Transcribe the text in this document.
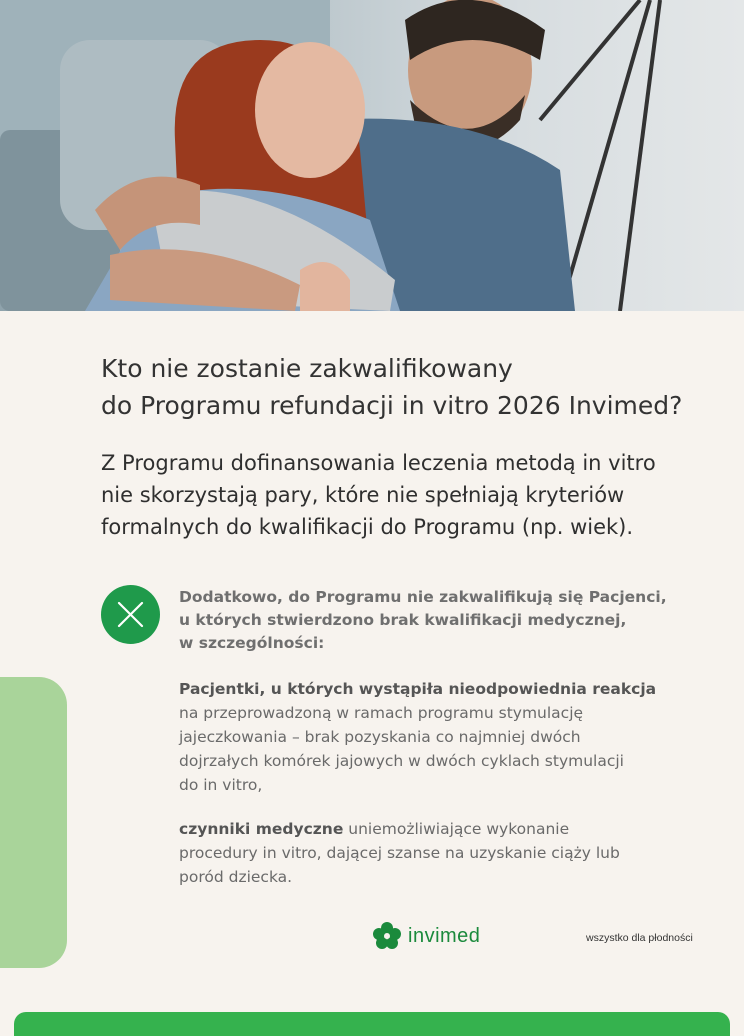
Kto nie zostanie zakwalifikowany
do Programu refundacji in vitro 2026 Invimed?

Z Programu dofinansowania leczenia metodą in vitro
nie skorzystają pary, które nie spełniają kryteriów
formalnych do kwalifikacji do Programu (np. wiek).

Dodatkowo, do Programu nie zakwalifikują się Pacjenci,
u których stwierdzono brak kwalifikacji medycznej,
w szczególności:

Pacjentki, u których wystąpiła nieodpowiednia reakcja
na przeprowadzoną w ramach programu stymulację
jajeczkowania – brak pozyskania co najmniej dwóch
dojrzałych komórek jajowych w dwóch cyklach stymulacji
do in vitro,

czynniki medyczne uniemożliwiające wykonanie
procedury in vitro, dającej szanse na uzyskanie ciąży lub
poród dziecka.

invimed	wszystko dla płodności
